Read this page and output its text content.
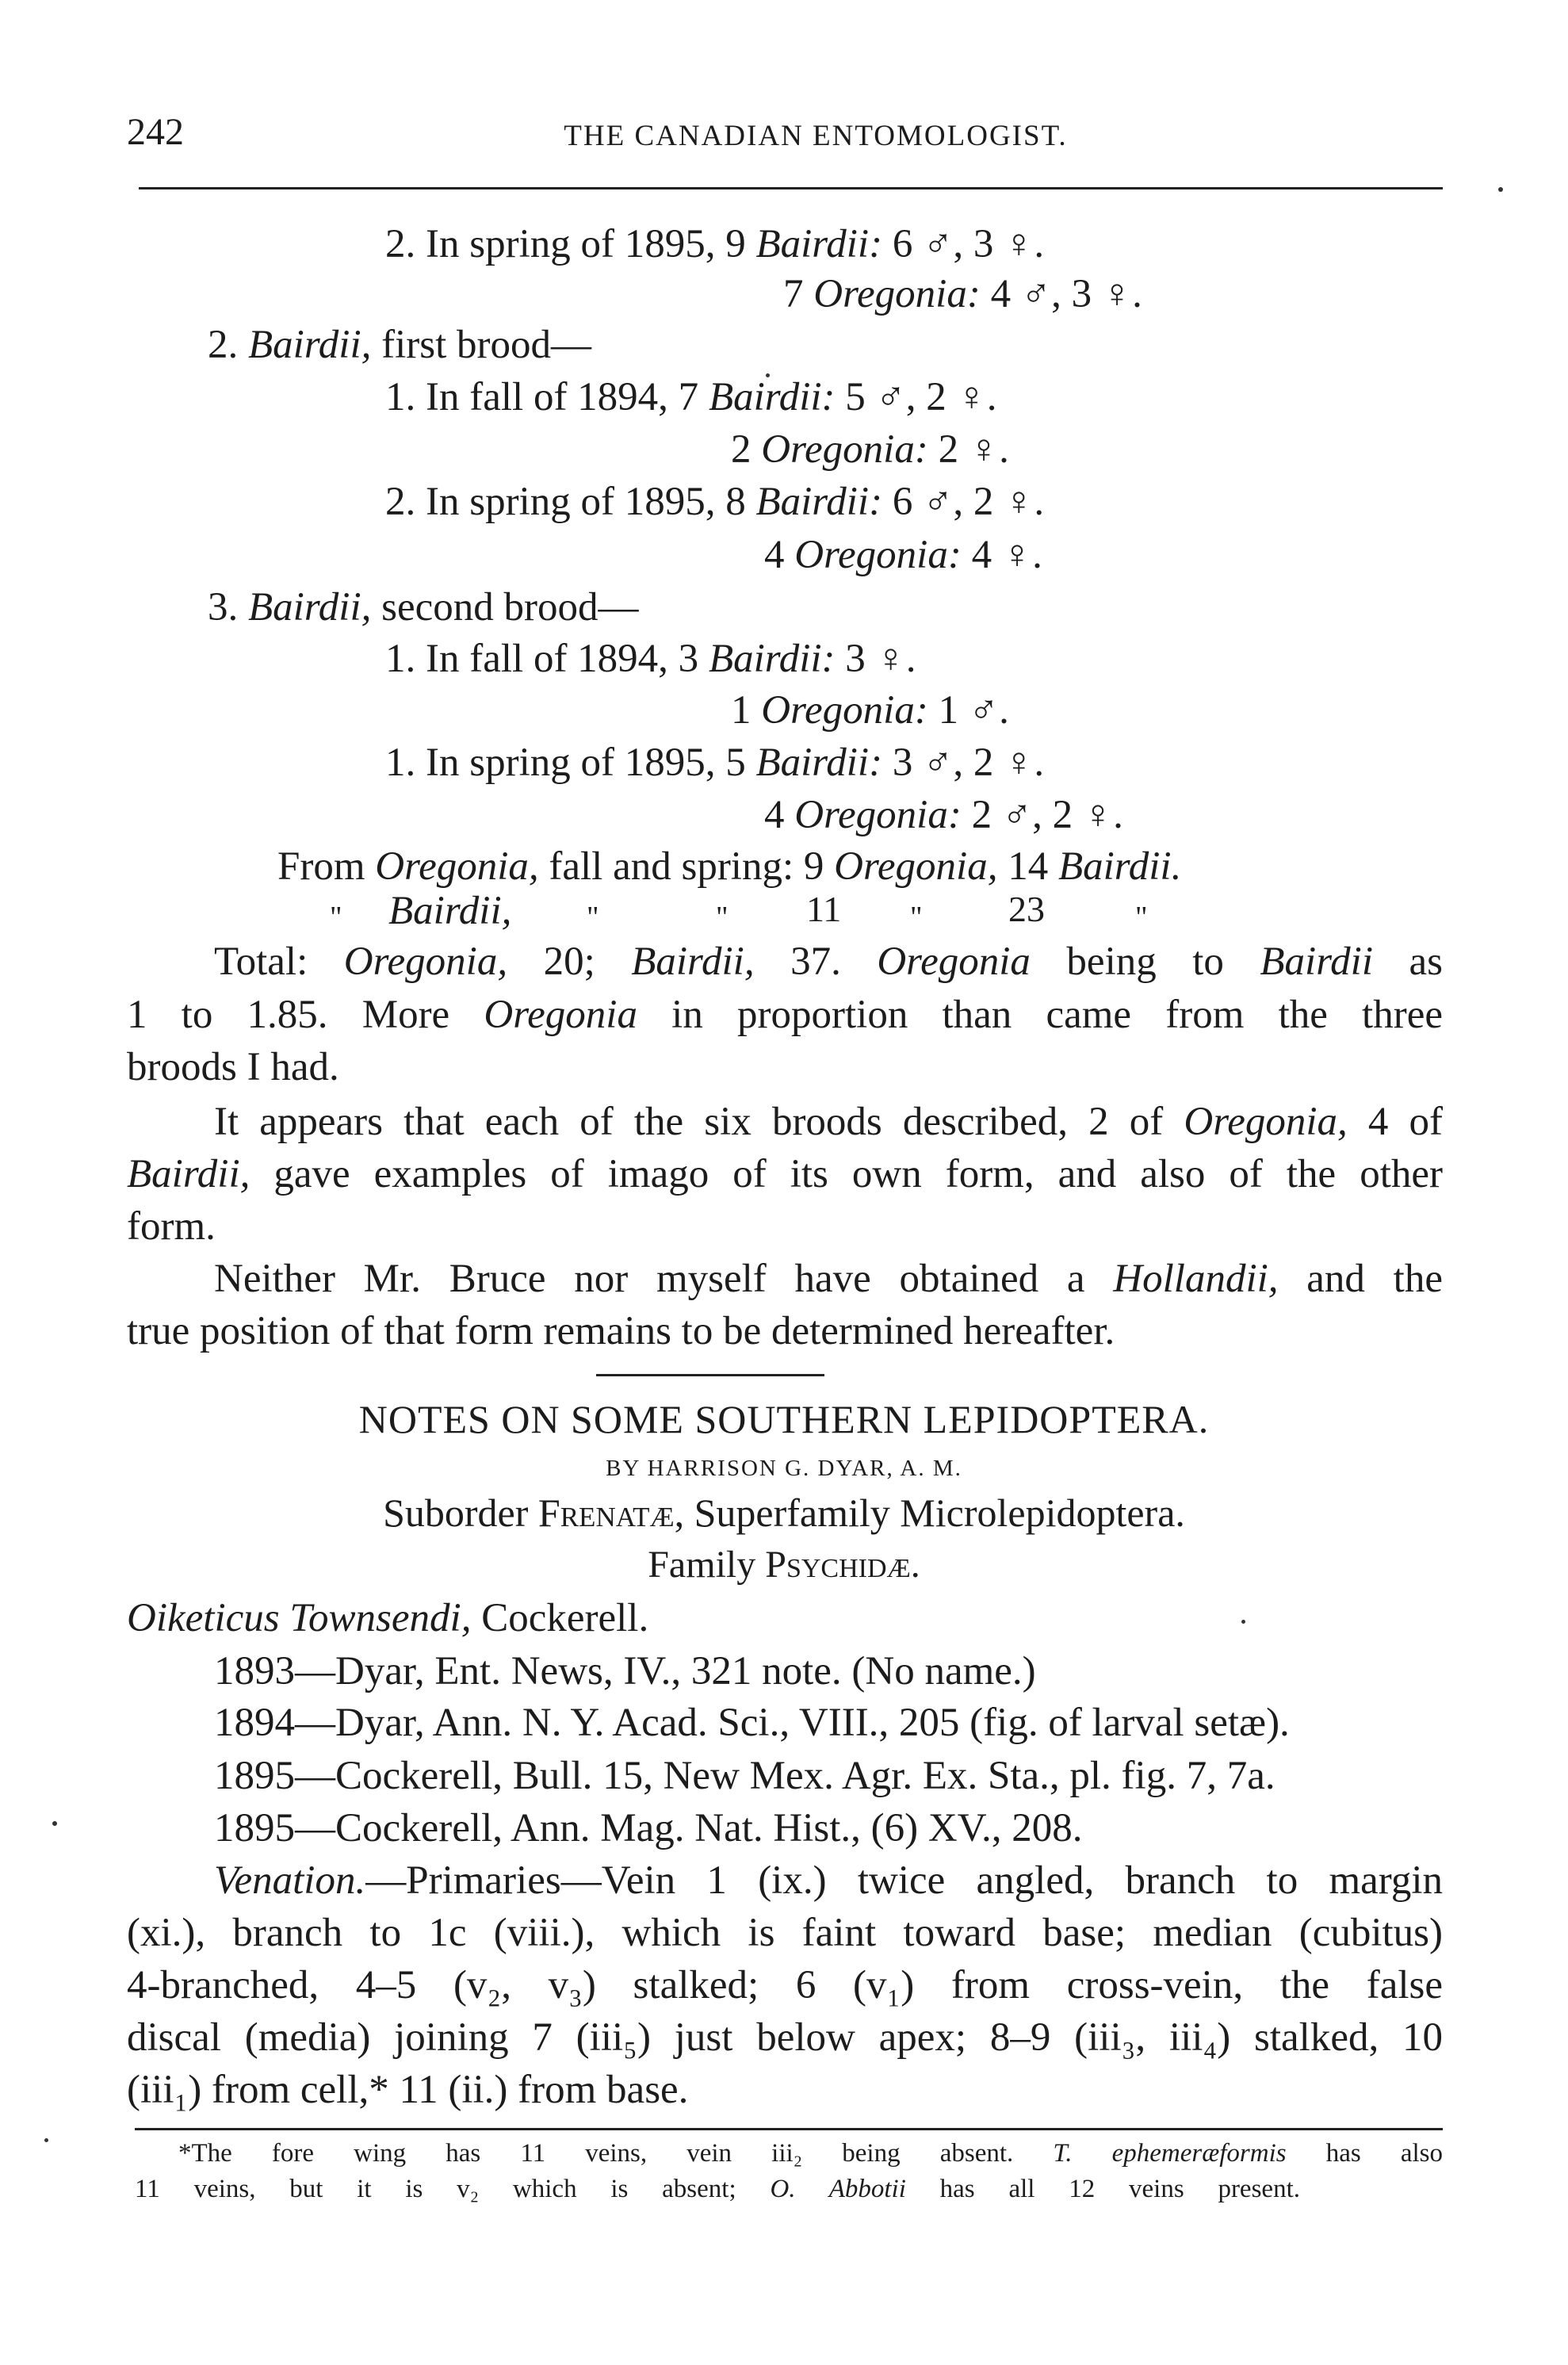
242	THE CANADIAN ENTOMOLOGIST.
2. In spring of 1895, 9 Bairdii: 6 ♂, 3 ♀.
7 Oregonia: 4 ♂, 3 ♀.
2. Bairdii, first brood—
1. In fall of 1894, 7 Bairdii: 5 ♂, 2 ♀.
2 Oregonia: 2 ♀.
2. In spring of 1895, 8 Bairdii: 6 ♂, 2 ♀.
4 Oregonia: 4 ♀.
3. Bairdii, second brood—
1. In fall of 1894, 3 Bairdii: 3 ♀.
1 Oregonia: 1 ♂.
1. In spring of 1895, 5 Bairdii: 3 ♂, 2 ♀.
4 Oregonia: 2 ♂, 2 ♀.
From Oregonia, fall and spring: 9 Oregonia, 14 Bairdii.
" Bairdii, "	" 11 " 23	"
Total: Oregonia, 20; Bairdii, 37. Oregonia being to Bairdii as
1 to 1.85. More Oregonia in proportion than came from the three
broods I had.
It appears that each of the six broods described, 2 of Oregonia, 4 of
Bairdii, gave examples of imago of its own form, and also of the other
form.
Neither Mr. Bruce nor myself have obtained a Hollandii, and the
true position of that form remains to be determined hereafter.
NOTES ON SOME SOUTHERN LEPIDOPTERA.
BY HARRISON G. DYAR, A. M.
Suborder Frenatæ, Superfamily Microlepidoptera.
Family Psychidæ.
Oiketicus Townsendi, Cockerell.
1893—Dyar, Ent. News, IV., 321 note. (No name.)
1894—Dyar, Ann. N. Y. Acad. Sci., VIII., 205 (fig. of larval setæ).
1895—Cockerell, Bull. 15, New Mex. Agr. Ex. Sta., pl. fig. 7, 7a.
1895—Cockerell, Ann. Mag. Nat. Hist., (6) XV., 208.
Venation.—Primaries—Vein 1 (ix.) twice angled, branch to margin
(xi.), branch to 1c (viii.), which is faint toward base; median (cubitus)
4-branched, 4–5 (v₂, v₃) stalked; 6 (v₁) from cross-vein, the false
discal (media) joining 7 (iii₅) just below apex; 8–9 (iii₃, iii₄) stalked, 10
(iii₁) from cell,* 11 (ii.) from base.
*The fore wing has 11 veins, vein iii₂ being absent. T. ephemeræformis has also
11 veins, but it is v₂ which is absent; O. Abbotii has all 12 veins present.
